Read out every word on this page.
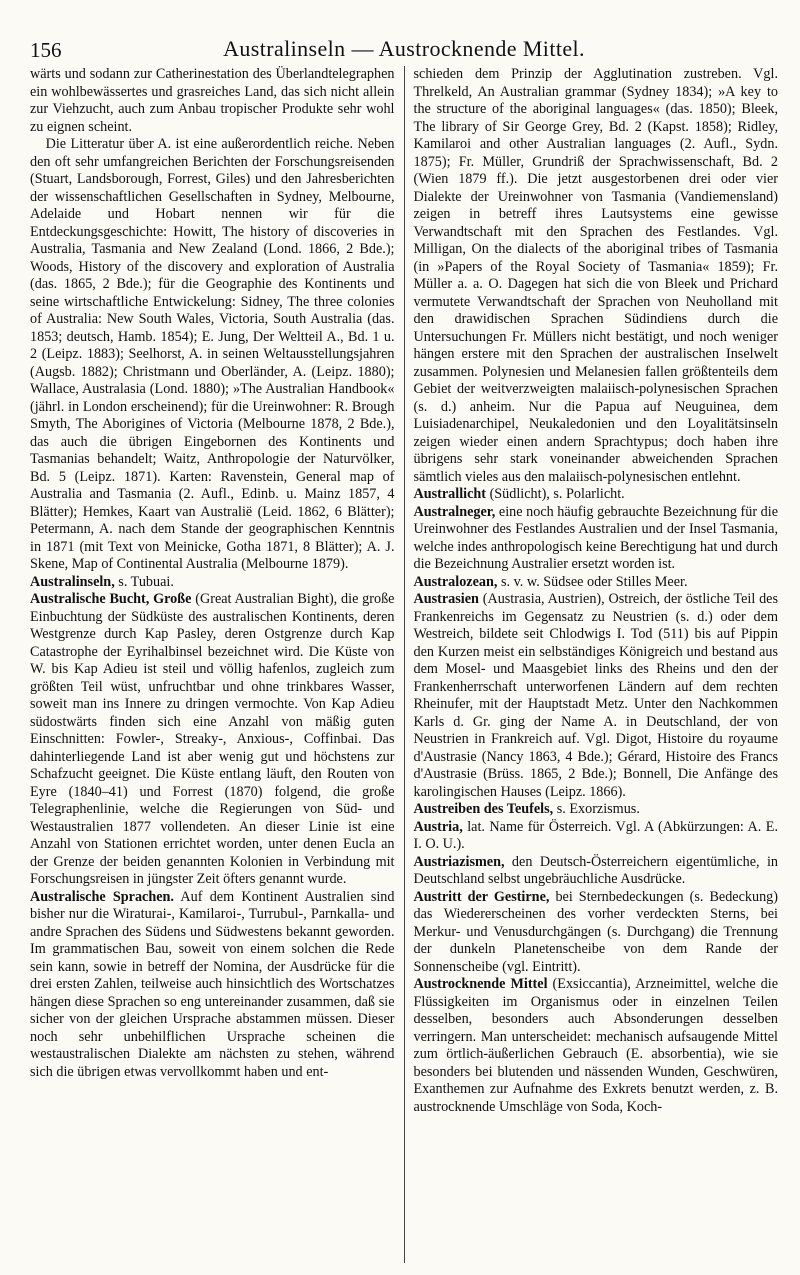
156	Australinseln — Austrocknende Mittel.

wärts und sodann zur Catherinestation des Überlandtelegraphen ein wohlbewässertes und grasreiches Land, das sich nicht allein zur Viehzucht, auch zum Anbau tropischer Produkte sehr wohl zu eignen scheint.

Die Litteratur über A. ist eine außerordentlich reiche. Neben den oft sehr umfangreichen Berichten der Forschungsreisenden (Stuart, Landsborough, Forrest, Giles) und den Jahresberichten der wissenschaftlichen Gesellschaften in Sydney, Melbourne, Adelaide und Hobart nennen wir für die Entdeckungsgeschichte: Howitt, The history of discoveries in Australia, Tasmania and New Zealand (Lond. 1866, 2 Bde.); Woods, History of the discovery and exploration of Australia (das. 1865, 2 Bde.); für die Geographie des Kontinents und seine wirtschaftliche Entwickelung: Sidney, The three colonies of Australia: New South Wales, Victoria, South Australia (das. 1853; deutsch, Hamb. 1854); E. Jung, Der Weltteil A., Bd. 1 u. 2 (Leipz. 1883); Seelhorst, A. in seinen Weltausstellungsjahren (Augsb. 1882); Christmann und Oberländer, A. (Leipz. 1880); Wallace, Australasia (Lond. 1880); »The Australian Handbook« (jährl. in London erscheinend); für die Ureinwohner: R. Brough Smyth, The Aborigines of Victoria (Melbourne 1878, 2 Bde.), das auch die übrigen Eingebornen des Kontinents und Tasmanias behandelt; Waitz, Anthropologie der Naturvölker, Bd. 5 (Leipz. 1871). Karten: Ravenstein, General map of Australia and Tasmania (2. Aufl., Edinb. u. Mainz 1857, 4 Blätter); Hemkes, Kaart van Australië (Leid. 1862, 6 Blätter); Petermann, A. nach dem Stande der geographischen Kenntnis in 1871 (mit Text von Meinicke, Gotha 1871, 8 Blätter); A. J. Skene, Map of Continental Australia (Melbourne 1879).

Australinseln, s. Tubuai.

Australische Bucht, Große (Great Australian Bight), die große Einbuchtung der Südküste des australischen Kontinents, deren Westgrenze durch Kap Pasley, deren Ostgrenze durch Kap Catastrophe der Eyrihalbinsel bezeichnet wird. Die Küste von W. bis Kap Adieu ist steil und völlig hafenlos, zugleich zum größten Teil wüst, unfruchtbar und ohne trinkbares Wasser, soweit man ins Innere zu dringen vermochte. Von Kap Adieu südostwärts finden sich eine Anzahl von mäßig guten Einschnitten: Fowler-, Streaky-, Anxious-, Coffinbai. Das dahinterliegende Land ist aber wenig gut und höchstens zur Schafzucht geeignet. Die Küste entlang läuft, den Routen von Eyre (1840–41) und Forrest (1870) folgend, die große Telegraphenlinie, welche die Regierungen von Süd- und Westaustralien 1877 vollendeten. An dieser Linie ist eine Anzahl von Stationen errichtet worden, unter denen Eucla an der Grenze der beiden genannten Kolonien in Verbindung mit Forschungsreisen in jüngster Zeit öfters genannt wurde.

Australische Sprachen. Auf dem Kontinent Australien sind bisher nur die Wiraturai-, Kamilaroi-, Turrubul-, Parnkalla- und andre Sprachen des Südens und Südwestens bekannt geworden. Im grammatischen Bau, soweit von einem solchen die Rede sein kann, sowie in betreff der Nomina, der Ausdrücke für die drei ersten Zahlen, teilweise auch hinsichtlich des Wortschatzes hängen diese Sprachen so eng untereinander zusammen, daß sie sicher von der gleichen Ursprache abstammen müssen. Dieser noch sehr unbehilflichen Ursprache scheinen die westaustralischen Dialekte am nächsten zu stehen, während sich die übrigen etwas vervollkommt haben und ent-

schieden dem Prinzip der Agglutination zustreben. Vgl. Threlkeld, An Australian grammar (Sydney 1834); »A key to the structure of the aboriginal languages« (das. 1850); Bleek, The library of Sir George Grey, Bd. 2 (Kapst. 1858); Ridley, Kamilaroi and other Australian languages (2. Aufl., Sydn. 1875); Fr. Müller, Grundriß der Sprachwissenschaft, Bd. 2 (Wien 1879 ff.). Die jetzt ausgestorbenen drei oder vier Dialekte der Ureinwohner von Tasmania (Vandiemensland) zeigen in betreff ihres Lautsystems eine gewisse Verwandtschaft mit den Sprachen des Festlandes. Vgl. Milligan, On the dialects of the aboriginal tribes of Tasmania (in »Papers of the Royal Society of Tasmania« 1859); Fr. Müller a. a. O. Dagegen hat sich die von Bleek und Prichard vermutete Verwandtschaft der Sprachen von Neuholland mit den drawidischen Sprachen Südindiens durch die Untersuchungen Fr. Müllers nicht bestätigt, und noch weniger hängen erstere mit den Sprachen der australischen Inselwelt zusammen. Polynesien und Melanesien fallen größtenteils dem Gebiet der weitverzweigten malaiisch-polynesischen Sprachen (s. d.) anheim. Nur die Papua auf Neuguinea, dem Luisiadenarchipel, Neukaledonien und den Loyalitätsinseln zeigen wieder einen andern Sprachtypus; doch haben ihre übrigens sehr stark voneinander abweichenden Sprachen sämtlich vieles aus den malaiisch-polynesischen entlehnt.

Australlicht (Südlicht), s. Polarlicht.

Australneger, eine noch häufig gebrauchte Bezeichnung für die Ureinwohner des Festlandes Australien und der Insel Tasmania, welche indes anthropologisch keine Berechtigung hat und durch die Bezeichnung Australier ersetzt worden ist.

Australozean, s. v. w. Südsee oder Stilles Meer.

Austrasien (Austrasia, Austrien), Ostreich, der östliche Teil des Frankenreichs im Gegensatz zu Neustrien (s. d.) oder dem Westreich, bildete seit Chlodwigs I. Tod (511) bis auf Pippin den Kurzen meist ein selbständiges Königreich und bestand aus dem Mosel- und Maasgebiet links des Rheins und den der Frankenherrschaft unterworfenen Ländern auf dem rechten Rheinufer, mit der Hauptstadt Metz. Unter den Nachkommen Karls d. Gr. ging der Name A. in Deutschland, der von Neustrien in Frankreich auf. Vgl. Digot, Histoire du royaume d'Austrasie (Nancy 1863, 4 Bde.); Gérard, Histoire des Francs d'Austrasie (Brüss. 1865, 2 Bde.); Bonnell, Die Anfänge des karolingischen Hauses (Leipz. 1866).

Austreiben des Teufels, s. Exorzismus.

Austria, lat. Name für Österreich. Vgl. A (Abkürzungen: A. E. I. O. U.).

Austriazismen, den Deutsch-Österreichern eigentümliche, in Deutschland selbst ungebräuchliche Ausdrücke.

Austritt der Gestirne, bei Sternbedeckungen (s. Bedeckung) das Wiedererscheinen des vorher verdeckten Sterns, bei Merkur- und Venusdurchgängen (s. Durchgang) die Trennung der dunkeln Planetenscheibe von dem Rande der Sonnenscheibe (vgl. Eintritt).

Austrocknende Mittel (Exsiccantia), Arzneimittel, welche die Flüssigkeiten im Organismus oder in einzelnen Teilen desselben, besonders auch Absonderungen desselben verringern. Man unterscheidet: mechanisch aufsaugende Mittel zum örtlich-äußerlichen Gebrauch (E. absorbentia), wie sie besonders bei blutenden und nässenden Wunden, Geschwüren, Exanthemen zur Aufnahme des Exkrets benutzt werden, z. B. austrocknende Umschläge von Soda, Koch-
